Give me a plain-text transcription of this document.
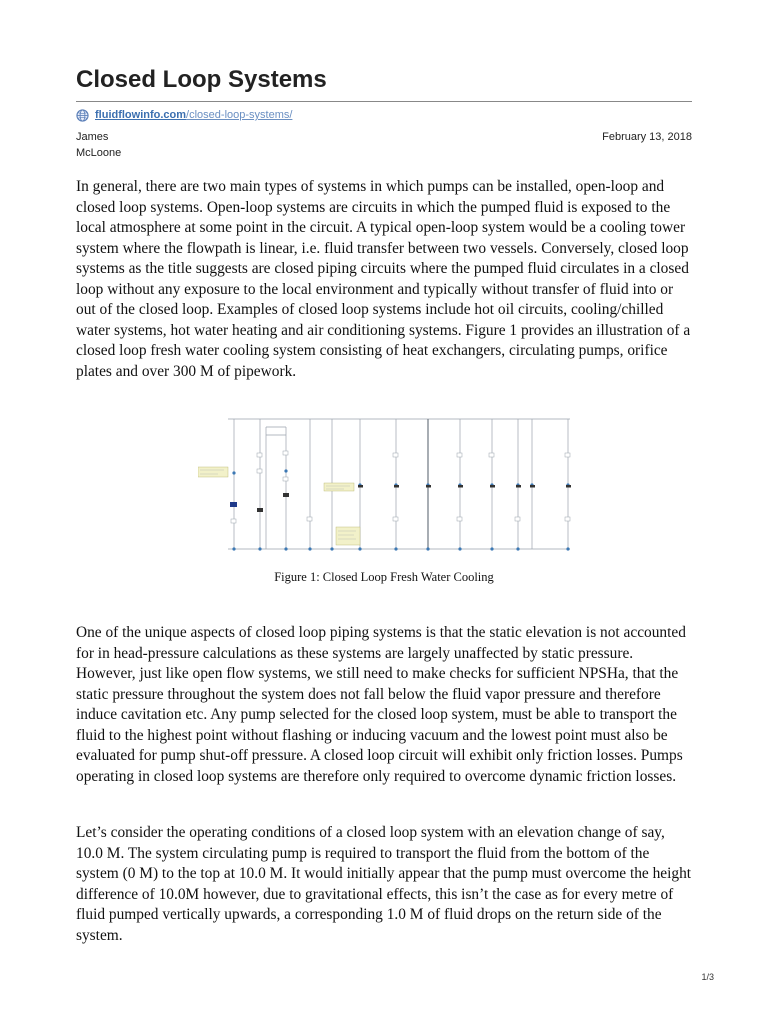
Closed Loop Systems
fluidflowinfo.com /closed-loop-systems/
James McLoone
February 13, 2018

In general, there are two main types of systems in which pumps can be installed, open-loop and closed loop systems. Open-loop systems are circuits in which the pumped fluid is exposed to the local atmosphere at some point in the circuit. A typical open-loop system would be a cooling tower system where the flowpath is linear, i.e. fluid transfer between two vessels. Conversely, closed loop systems as the title suggests are closed piping circuits where the pumped fluid circulates in a closed loop without any exposure to the local environment and typically without transfer of fluid into or out of the closed loop. Examples of closed loop systems include hot oil circuits, cooling/chilled water systems, hot water heating and air conditioning systems. Figure 1 provides an illustration of a closed loop fresh water cooling system consisting of heat exchangers, circulating pumps, orifice plates and over 300 M of pipework.

Figure 1: Closed Loop Fresh Water Cooling

One of the unique aspects of closed loop piping systems is that the static elevation is not accounted for in head-pressure calculations as these systems are largely unaffected by static pressure. However, just like open flow systems, we still need to make checks for sufficient NPSHa, that the static pressure throughout the system does not fall below the fluid vapor pressure and therefore induce cavitation etc. Any pump selected for the closed loop system, must be able to transport the fluid to the highest point without flashing or inducing vacuum and the lowest point must also be evaluated for pump shut-off pressure. A closed loop circuit will exhibit only friction losses. Pumps operating in closed loop systems are therefore only required to overcome dynamic friction losses.

Let’s consider the operating conditions of a closed loop system with an elevation change of say, 10.0 M. The system circulating pump is required to transport the fluid from the bottom of the system (0 M) to the top at 10.0 M. It would initially appear that the pump must overcome the height difference of 10.0M however, due to gravitational effects, this isn’t the case as for every metre of fluid pumped vertically upwards, a corresponding 1.0 M of fluid drops on the return side of the system.

1/3
